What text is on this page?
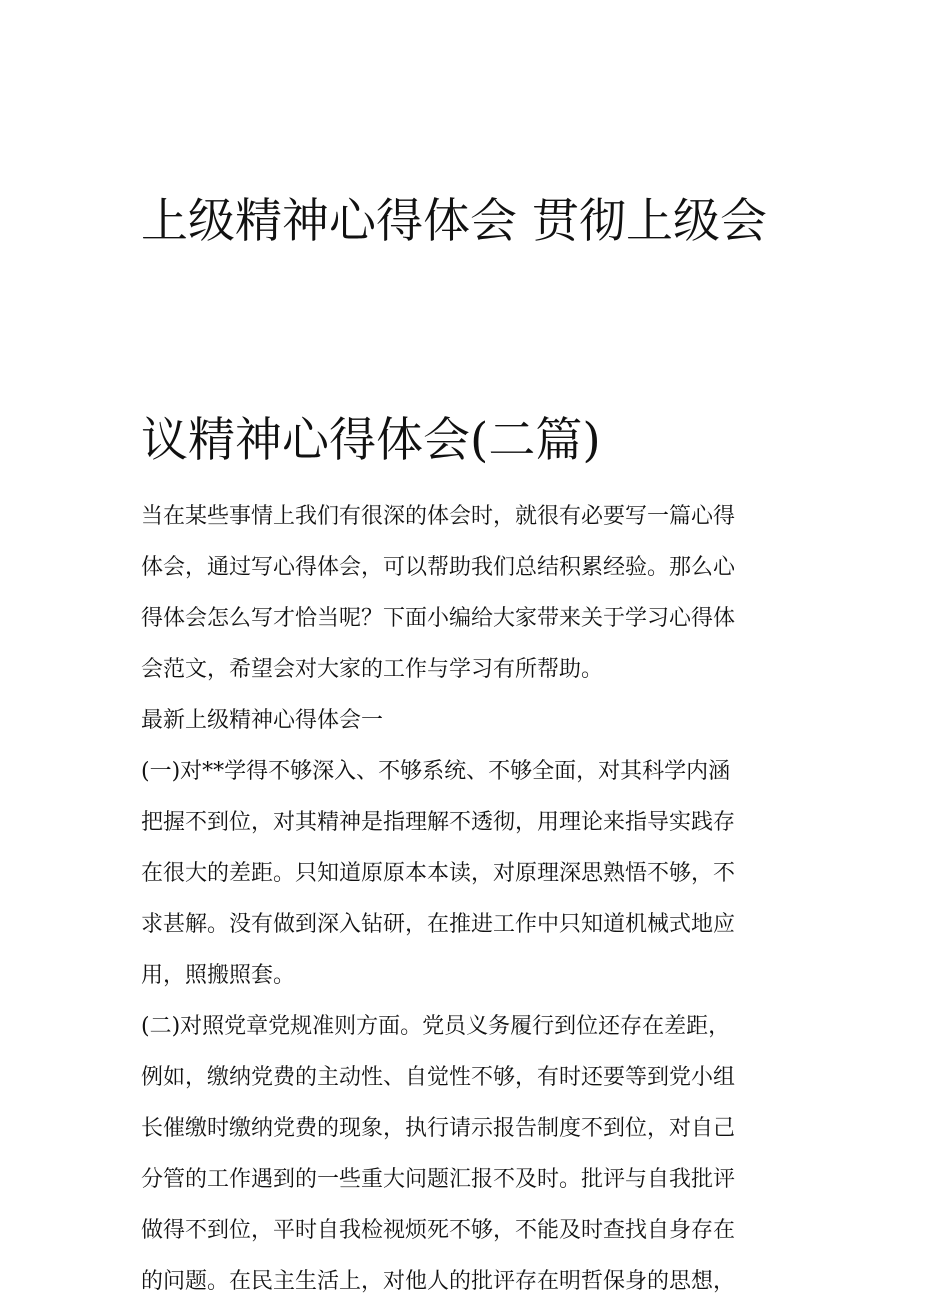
上级精神心得体会 贯彻上级会

议精神心得体会(二篇)

当在某些事情上我们有很深的体会时，就很有必要写一篇心得
体会，通过写心得体会，可以帮助我们总结积累经验。那么心
得体会怎么写才恰当呢？下面小编给大家带来关于学习心得体
会范文，希望会对大家的工作与学习有所帮助。
最新上级精神心得体会一
(一)对**学得不够深入、不够系统、不够全面，对其科学内涵
把握不到位，对其精神是指理解不透彻，用理论来指导实践存
在很大的差距。只知道原原本本读，对原理深思熟悟不够，不
求甚解。没有做到深入钻研，在推进工作中只知道机械式地应
用，照搬照套。
(二)对照党章党规准则方面。党员义务履行到位还存在差距，
例如，缴纳党费的主动性、自觉性不够，有时还要等到党小组
长催缴时缴纳党费的现象，执行请示报告制度不到位，对自己
分管的工作遇到的一些重大问题汇报不及时。批评与自我批评
做得不到位，平时自我检视烦死不够，不能及时查找自身存在
的问题。在民主生活上，对他人的批评存在明哲保身的思想，
